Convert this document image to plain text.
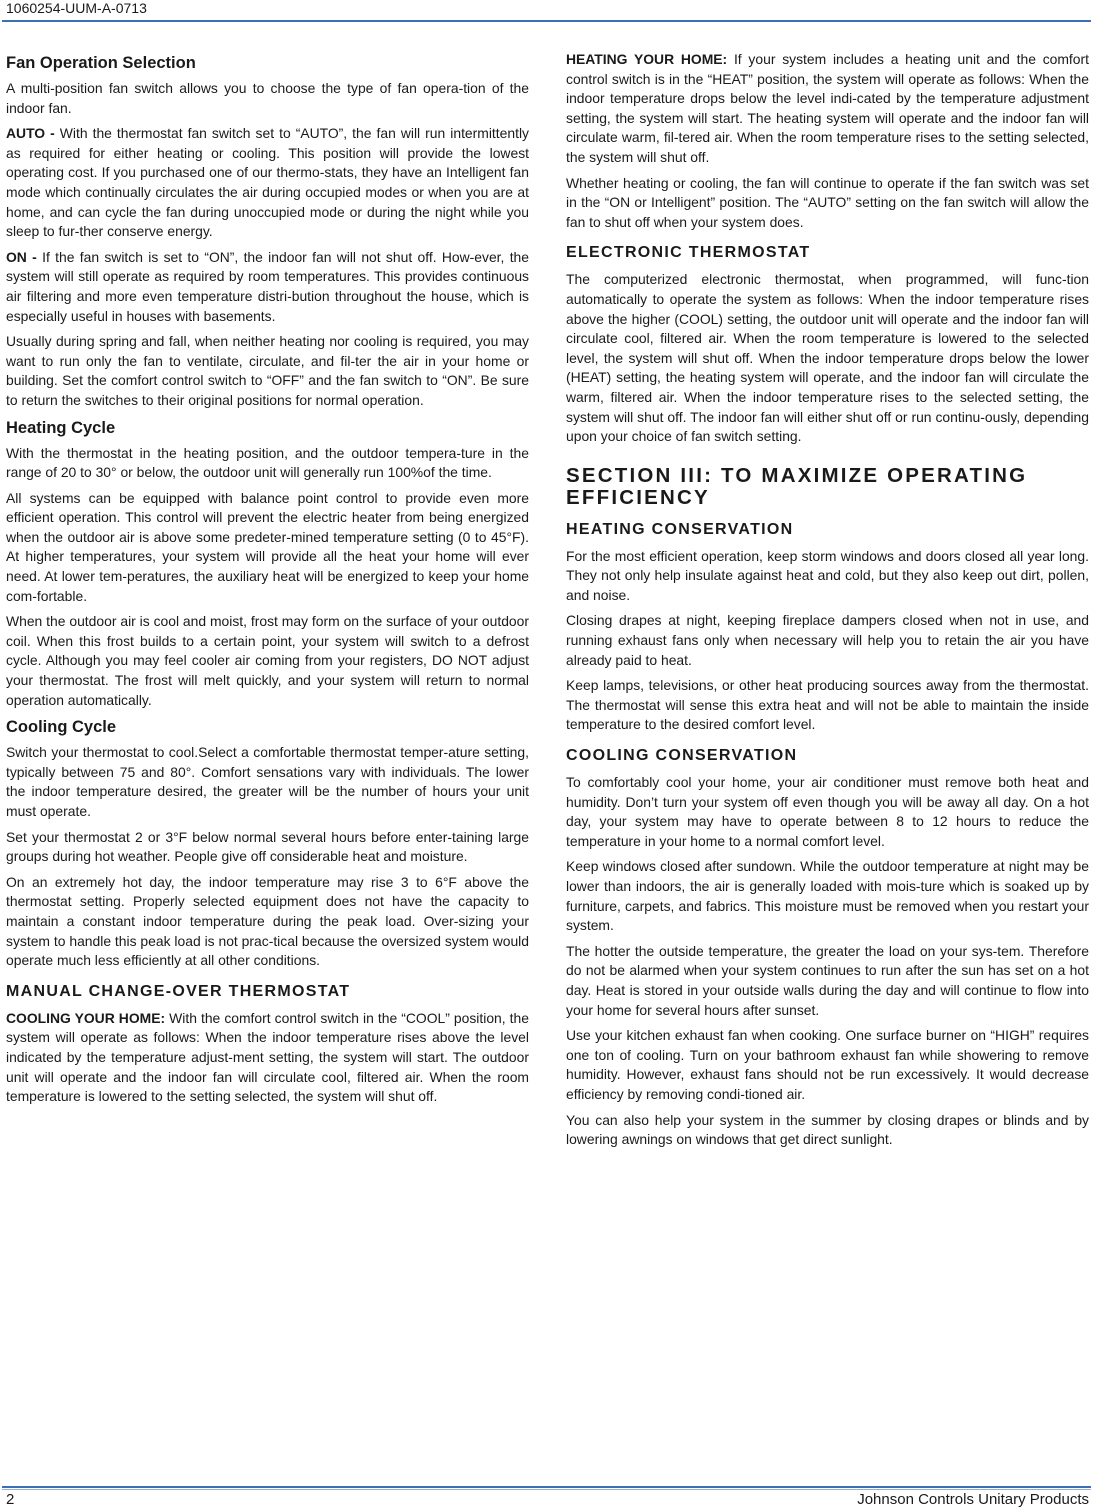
1060254-UUM-A-0713
Fan Operation Selection

A multi-position fan switch allows you to choose the type of fan opera-tion of the indoor fan.

AUTO - With the thermostat fan switch set to “AUTO”, the fan will run intermittently as required for either heating or cooling. This position will provide the lowest operating cost. If you purchased one of our thermo-stats, they have an Intelligent fan mode which continually circulates the air during occupied modes or when you are at home, and can cycle the fan during unoccupied mode or during the night while you sleep to fur-ther conserve energy.

ON - If the fan switch is set to “ON”, the indoor fan will not shut off. How-ever, the system will still operate as required by room temperatures. This provides continuous air filtering and more even temperature distri-bution throughout the house, which is especially useful in houses with basements.

Usually during spring and fall, when neither heating nor cooling is required, you may want to run only the fan to ventilate, circulate, and fil-ter the air in your home or building. Set the comfort control switch to “OFF” and the fan switch to “ON”. Be sure to return the switches to their original positions for normal operation.

Heating Cycle

With the thermostat in the heating position, and the outdoor tempera-ture in the range of 20 to 30° or below, the outdoor unit will generally run 100%of the time.

All systems can be equipped with balance point control to provide even more efficient operation. This control will prevent the electric heater from being energized when the outdoor air is above some predeter-mined temperature setting (0 to 45°F). At higher temperatures, your system will provide all the heat your home will ever need. At lower tem-peratures, the auxiliary heat will be energized to keep your home com-fortable.

When the outdoor air is cool and moist, frost may form on the surface of your outdoor coil. When this frost builds to a certain point, your system will switch to a defrost cycle. Although you may feel cooler air coming from your registers, DO NOT adjust your thermostat. The frost will melt quickly, and your system will return to normal operation automatically.

Cooling Cycle

Switch your thermostat to cool.Select a comfortable thermostat temper-ature setting, typically between 75 and 80°. Comfort sensations vary with individuals. The lower the indoor temperature desired, the greater will be the number of hours your unit must operate.

Set your thermostat 2 or 3°F below normal several hours before enter-taining large groups during hot weather. People give off considerable heat and moisture.

On an extremely hot day, the indoor temperature may rise 3 to 6°F above the thermostat setting. Properly selected equipment does not have the capacity to maintain a constant indoor temperature during the peak load. Over-sizing your system to handle this peak load is not prac-tical because the oversized system would operate much less efficiently at all other conditions.

MANUAL CHANGE-OVER THERMOSTAT

COOLING YOUR HOME: With the comfort control switch in the “COOL” position, the system will operate as follows: When the indoor temperature rises above the level indicated by the temperature adjust-ment setting, the system will start. The outdoor unit will operate and the indoor fan will circulate cool, filtered air. When the room temperature is lowered to the setting selected, the system will shut off.

HEATING YOUR HOME: If your system includes a heating unit and the comfort control switch is in the “HEAT” position, the system will operate as follows: When the indoor temperature drops below the level indi-cated by the temperature adjustment setting, the system will start. The heating system will operate and the indoor fan will circulate warm, fil-tered air. When the room temperature rises to the setting selected, the system will shut off.

Whether heating or cooling, the fan will continue to operate if the fan switch was set in the “ON or Intelligent” position. The “AUTO” setting on the fan switch will allow the fan to shut off when your system does.

ELECTRONIC THERMOSTAT

The computerized electronic thermostat, when programmed, will func-tion automatically to operate the system as follows: When the indoor temperature rises above the higher (COOL) setting, the outdoor unit will operate and the indoor fan will circulate cool, filtered air. When the room temperature is lowered to the selected level, the system will shut off. When the indoor temperature drops below the lower (HEAT) setting, the heating system will operate, and the indoor fan will circulate the warm, filtered air. When the indoor temperature rises to the selected setting, the system will shut off. The indoor fan will either shut off or run continu-ously, depending upon your choice of fan switch setting.

SECTION III: TO MAXIMIZE OPERATING EFFICIENCY
HEATING CONSERVATION

For the most efficient operation, keep storm windows and doors closed all year long. They not only help insulate against heat and cold, but they also keep out dirt, pollen, and noise.

Closing drapes at night, keeping fireplace dampers closed when not in use, and running exhaust fans only when necessary will help you to retain the air you have already paid to heat.

Keep lamps, televisions, or other heat producing sources away from the thermostat. The thermostat will sense this extra heat and will not be able to maintain the inside temperature to the desired comfort level.

COOLING CONSERVATION

To comfortably cool your home, your air conditioner must remove both heat and humidity. Don’t turn your system off even though you will be away all day. On a hot day, your system may have to operate between 8 to 12 hours to reduce the temperature in your home to a normal comfort level.

Keep windows closed after sundown. While the outdoor temperature at night may be lower than indoors, the air is generally loaded with mois-ture which is soaked up by furniture, carpets, and fabrics. This moisture must be removed when you restart your system.

The hotter the outside temperature, the greater the load on your sys-tem. Therefore do not be alarmed when your system continues to run after the sun has set on a hot day. Heat is stored in your outside walls during the day and will continue to flow into your home for several hours after sunset.

Use your kitchen exhaust fan when cooking. One surface burner on “HIGH” requires one ton of cooling. Turn on your bathroom exhaust fan while showering to remove humidity. However, exhaust fans should not be run excessively. It would decrease efficiency by removing condi-tioned air.

You can also help your system in the summer by closing drapes or blinds and by lowering awnings on windows that get direct sunlight.

2	Johnson Controls Unitary Products
